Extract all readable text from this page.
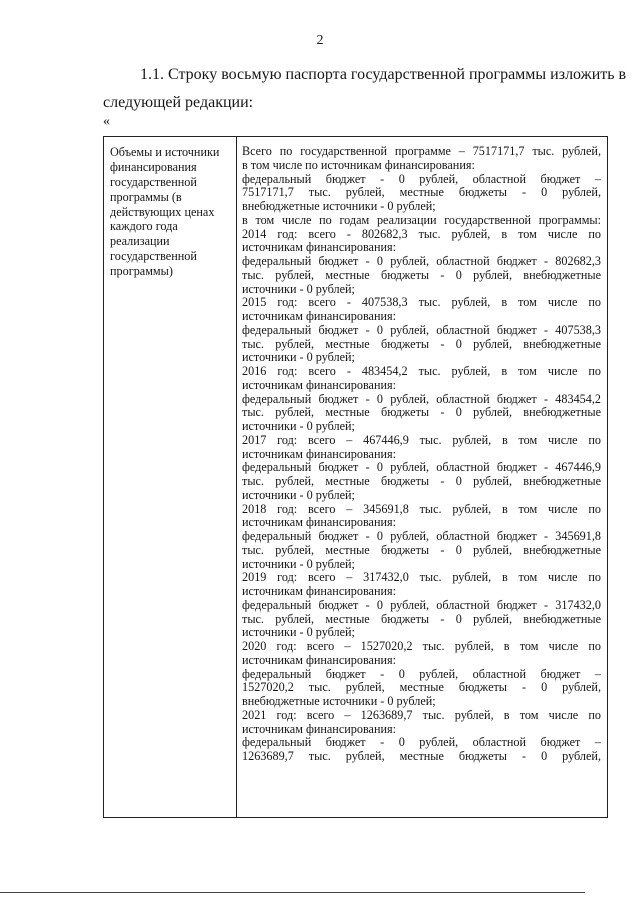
2
1.1. Строку восьмую паспорта государственной программы изложить в
следующей редакции:
«
Объемы и источники
финансирования
государственной
программы (в
действующих ценах
каждого года
реализации
государственной
программы)
Всего по государственной программе – 7517171,7 тыс. рублей,
в том числе по источникам финансирования:
федеральный бюджет - 0 рублей, областной бюджет –
7517171,7 тыс. рублей, местные бюджеты - 0 рублей,
внебюджетные источники - 0 рублей;
в том числе по годам реализации государственной программы:
2014 год: всего - 802682,3 тыс. рублей, в том числе по
источникам финансирования:
федеральный бюджет - 0 рублей, областной бюджет - 802682,3
тыс. рублей, местные бюджеты - 0 рублей, внебюджетные
источники - 0 рублей;
2015 год: всего - 407538,3 тыс. рублей, в том числе по
источникам финансирования:
федеральный бюджет - 0 рублей, областной бюджет - 407538,3
тыс. рублей, местные бюджеты - 0 рублей, внебюджетные
источники - 0 рублей;
2016 год: всего - 483454,2 тыс. рублей, в том числе по
источникам финансирования:
федеральный бюджет - 0 рублей, областной бюджет - 483454,2
тыс. рублей, местные бюджеты - 0 рублей, внебюджетные
источники - 0 рублей;
2017 год: всего – 467446,9 тыс. рублей, в том числе по
источникам финансирования:
федеральный бюджет - 0 рублей, областной бюджет - 467446,9
тыс. рублей, местные бюджеты - 0 рублей, внебюджетные
источники - 0 рублей;
2018 год: всего – 345691,8 тыс. рублей, в том числе по
источникам финансирования:
федеральный бюджет - 0 рублей, областной бюджет - 345691,8
тыс. рублей, местные бюджеты - 0 рублей, внебюджетные
источники - 0 рублей;
2019 год: всего – 317432,0 тыс. рублей, в том числе по
источникам финансирования:
федеральный бюджет - 0 рублей, областной бюджет - 317432,0
тыс. рублей, местные бюджеты - 0 рублей, внебюджетные
источники - 0 рублей;
2020 год: всего – 1527020,2 тыс. рублей, в том числе по
источникам финансирования:
федеральный бюджет - 0 рублей, областной бюджет –
1527020,2 тыс. рублей, местные бюджеты - 0 рублей,
внебюджетные источники - 0 рублей;
2021 год: всего – 1263689,7 тыс. рублей, в том числе по
источникам финансирования:
федеральный бюджет - 0 рублей, областной бюджет –
1263689,7 тыс. рублей, местные бюджеты - 0 рублей,
